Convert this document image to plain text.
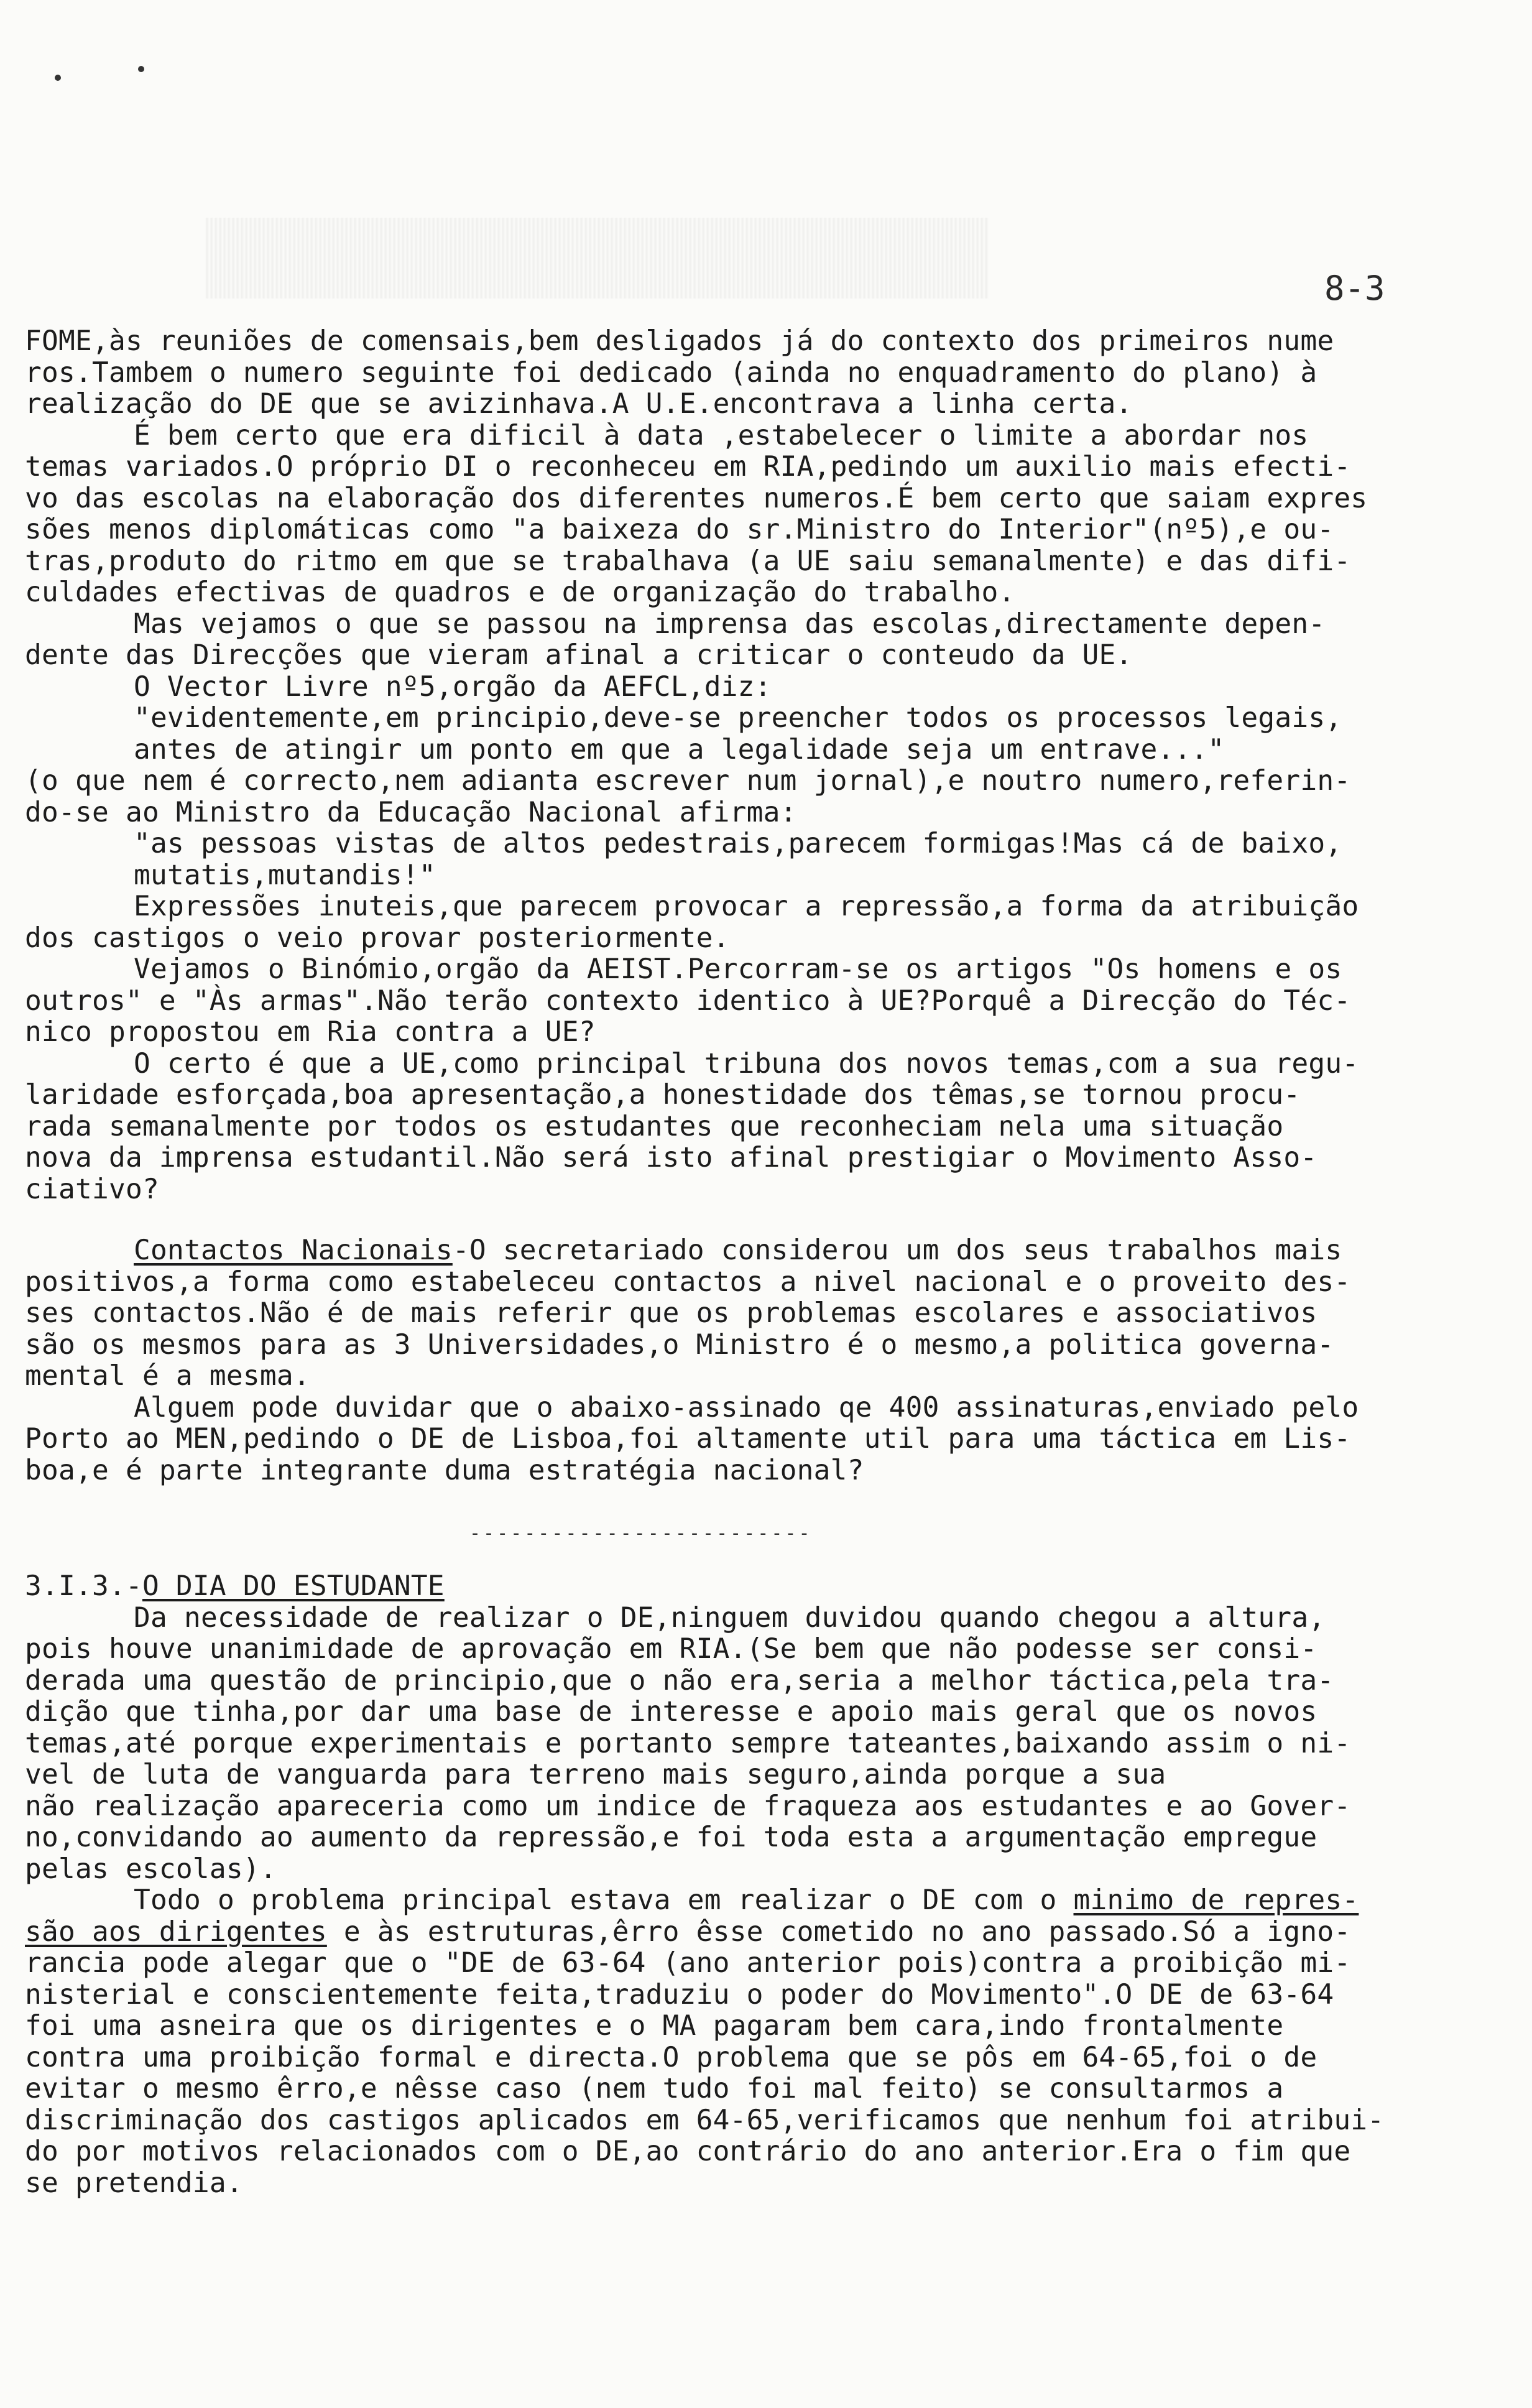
8-3
FOME,às reuniões de comensais,bem desligados já do contexto dos primeiros nume
ros.Tambem o numero seguinte foi dedicado (ainda no enquadramento do plano) à
realização do DE que se avizinhava.A U.E.encontrava a linha certa.
É bem certo que era dificil à data ,estabelecer o limite a abordar nos
temas variados.O próprio DI o reconheceu em RIA,pedindo um auxilio mais efecti-
vo das escolas na elaboração dos diferentes numeros.É bem certo que saiam expres
sões menos diplomáticas como "a baixeza do sr.Ministro do Interior"(nº5),e ou-
tras,produto do ritmo em que se trabalhava (a UE saiu semanalmente) e das difi-
culdades efectivas de quadros e de organização do trabalho.
Mas vejamos o que se passou na imprensa das escolas,directamente depen-
dente das Direcções que vieram afinal a criticar o conteudo da UE.
O Vector Livre nº5,orgão da AEFCL,diz:
"evidentemente,em principio,deve-se preencher todos os processos legais,
antes de atingir um ponto em que a legalidade seja um entrave..."
(o que nem é correcto,nem adianta escrever num jornal),e noutro numero,referin-
do-se ao Ministro da Educação Nacional afirma:
"as pessoas vistas de altos pedestrais,parecem formigas!Mas cá de baixo,
mutatis,mutandis!"
Expressões inuteis,que parecem provocar a repressão,a forma da atribuição
dos castigos o veio provar posteriormente.
Vejamos o Binómio,orgão da AEIST.Percorram-se os artigos "Os homens e os
outros" e "Às armas".Não terão contexto identico à UE?Porquê a Direcção do Téc-
nico propostou em Ria contra a UE?
O certo é que a UE,como principal tribuna dos novos temas,com a sua regu-
laridade esforçada,boa apresentação,a honestidade dos têmas,se tornou procu-
rada semanalmente por todos os estudantes que reconheciam nela uma situação
nova da imprensa estudantil.Não será isto afinal prestigiar o Movimento Asso-
ciativo?
Contactos Nacionais-O secretariado considerou um dos seus trabalhos mais
positivos,a forma como estabeleceu contactos a nivel nacional e o proveito des-
ses contactos.Não é de mais referir que os problemas escolares e associativos
são os mesmos para as 3 Universidades,o Ministro é o mesmo,a politica governa-
mental é a mesma.
Alguem pode duvidar que o abaixo-assinado qe 400 assinaturas,enviado pelo
Porto ao MEN,pedindo o DE de Lisboa,foi altamente util para uma táctica em Lis-
boa,e é parte integrante duma estratégia nacional?
-------------------------
3.I.3.-O DIA DO ESTUDANTE
Da necessidade de realizar o DE,ninguem duvidou quando chegou a altura,
pois houve unanimidade de aprovação em RIA.(Se bem que não podesse ser consi-
derada uma questão de principio,que o não era,seria a melhor táctica,pela tra-
dição que tinha,por dar uma base de interesse e apoio mais geral que os novos
temas,até porque experimentais e portanto sempre tateantes,baixando assim o ni-
vel de luta de vanguarda para terreno mais seguro,ainda porque a sua
não realização apareceria como um indice de fraqueza aos estudantes e ao Gover-
no,convidando ao aumento da repressão,e foi toda esta a argumentação empregue
pelas escolas).
Todo o problema principal estava em realizar o DE com o minimo de repres-
são aos dirigentes e às estruturas,êrro êsse cometido no ano passado.Só a igno-
rancia pode alegar que o "DE de 63-64 (ano anterior pois)contra a proibição mi-
nisterial e conscientemente feita,traduziu o poder do Movimento".O DE de 63-64
foi uma asneira que os dirigentes e o MA pagaram bem cara,indo frontalmente
contra uma proibição formal e directa.O problema que se pôs em 64-65,foi o de
evitar o mesmo êrro,e nêsse caso (nem tudo foi mal feito) se consultarmos a
discriminação dos castigos aplicados em 64-65,verificamos que nenhum foi atribui-
do por motivos relacionados com o DE,ao contrário do ano anterior.Era o fim que
se pretendia.
